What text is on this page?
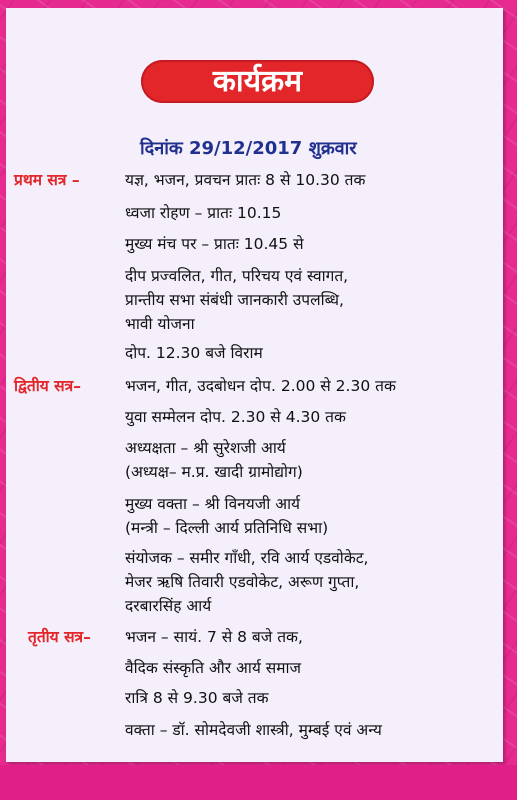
कार्यक्रम
दिनांक 29/12/2017 शुक्रवार
प्रथम सत्र –	यज्ञ, भजन, प्रवचन प्रातः 8 से 10.30 तक
ध्वजा रोहण – प्रातः 10.15
मुख्य मंच पर – प्रातः 10.45 से
दीप प्रज्वलित, गीत, परिचय एवं स्वागत,
प्रान्तीय सभा संबंधी जानकारी उपलब्धि,
भावी योजना
दोप. 12.30 बजे विराम
द्वितीय सत्र–	भजन, गीत, उदबोधन दोप. 2.00 से 2.30 तक
युवा सम्मेलन दोप. 2.30 से 4.30 तक
अध्यक्षता – श्री सुरेशजी आर्य
(अध्यक्ष– म.प्र. खादी ग्रामोद्योग)
मुख्य वक्ता – श्री विनयजी आर्य
(मन्त्री – दिल्ली आर्य प्रतिनिधि सभा)
संयोजक – समीर गाँधी, रवि आर्य एडवोकेट,
मेजर ऋषि तिवारी एडवोकेट, अरूण गुप्ता,
दरबारसिंह आर्य
तृतीय सत्र– भजन – सायं. 7 से 8 बजे तक,
वैदिक संस्कृति और आर्य समाज
रात्रि 8 से 9.30 बजे तक
वक्ता – डॉ. सोमदेवजी शास्त्री, मुम्बई एवं अन्य
